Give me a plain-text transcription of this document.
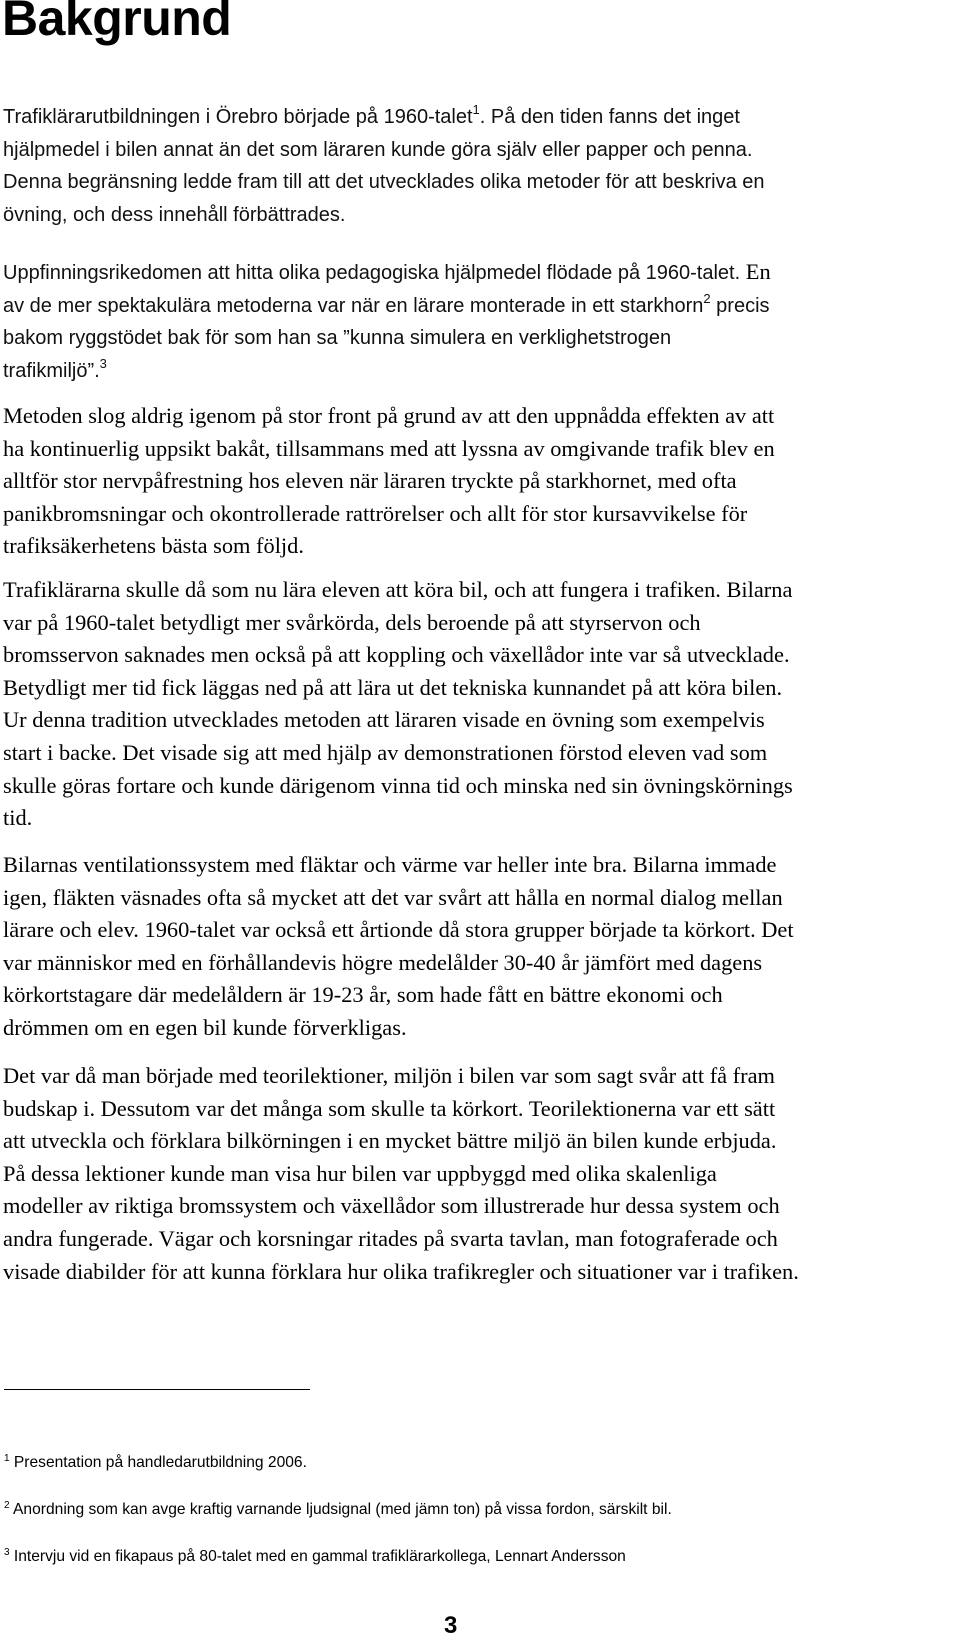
Bakgrund
Trafiklärarutbildningen i Örebro började på 1960-talet$^1$. På den tiden fanns det inget
hjälpmedel i bilen annat än det som läraren kunde göra själv eller papper och penna.
Denna begränsning ledde fram till att det utvecklades olika metoder för att beskriva en
övning, och dess innehåll förbättrades.
Uppfinningsrikedomen att hitta olika pedagogiska hjälpmedel flödade på 1960-talet. En
av de mer spektakulära metoderna var när en lärare monterade in ett starkhorn$^2$ precis
bakom ryggstödet bak för som han sa ”kunna simulera en verklighetstrogen
trafikmiljö”.$^3$
Metoden slog aldrig igenom på stor front på grund av att den uppnådda effekten av att
ha kontinuerlig uppsikt bakåt, tillsammans med att lyssna av omgivande trafik blev en
alltför stor nervpåfrestning hos eleven när läraren tryckte på starkhornet, med ofta
panikbromsningar och okontrollerade rattrörelser och allt för stor kursavvikelse för
trafiksäkerhetens bästa som följd.
Trafiklärarna skulle då som nu lära eleven att köra bil, och att fungera i trafiken. Bilarna
var på 1960-talet betydligt mer svårkörda, dels beroende på att styrservon och
bromsservon saknades men också på att koppling och växellådor inte var så utvecklade.
Betydligt mer tid fick läggas ned på att lära ut det tekniska kunnandet på att köra bilen.
Ur denna tradition utvecklades metoden att läraren visade en övning som exempelvis
start i backe. Det visade sig att med hjälp av demonstrationen förstod eleven vad som
skulle göras fortare och kunde därigenom vinna tid och minska ned sin övningskörnings
tid.
Bilarnas ventilationssystem med fläktar och värme var heller inte bra. Bilarna immade
igen, fläkten väsnades ofta så mycket att det var svårt att hålla en normal dialog mellan
lärare och elev. 1960-talet var också ett årtionde då stora grupper började ta körkort. Det
var människor med en förhållandevis högre medelålder 30-40 år jämfört med dagens
körkortstagare där medelåldern är 19-23 år, som hade fått en bättre ekonomi och
drömmen om en egen bil kunde förverkligas.
Det var då man började med teorilektioner, miljön i bilen var som sagt svår att få fram
budskap i. Dessutom var det många som skulle ta körkort. Teorilektionerna var ett sätt
att utveckla och förklara bilkörningen i en mycket bättre miljö än bilen kunde erbjuda.
På dessa lektioner kunde man visa hur bilen var uppbyggd med olika skalenliga
modeller av riktiga bromssystem och växellådor som illustrerade hur dessa system och
andra fungerade. Vägar och korsningar ritades på svarta tavlan, man fotograferade och
visade diabilder för att kunna förklara hur olika trafikregler och situationer var i trafiken.
$^1$ Presentation på handledarutbildning 2006.
$^2$ Anordning som kan avge kraftig varnande ljudsignal (med jämn ton) på vissa fordon, särskilt bil.
$^3$ Intervju vid en fikapaus på 80-talet med en gammal trafiklärarkollega, Lennart Andersson
3
